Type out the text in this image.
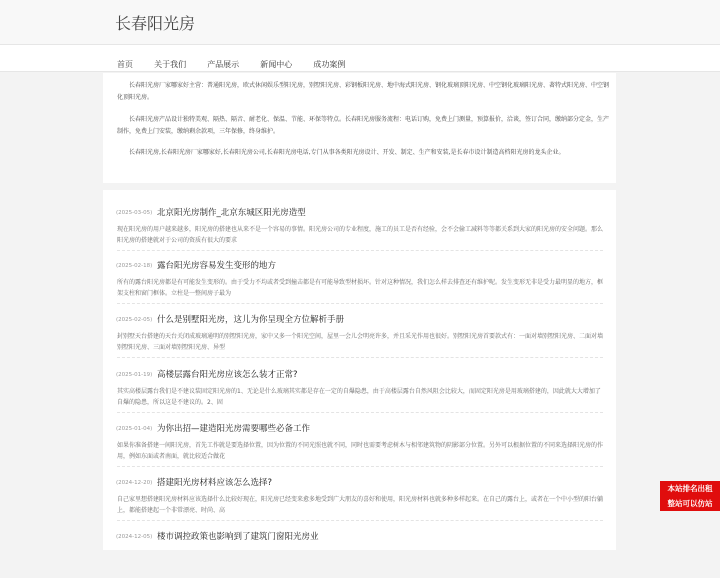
长春阳光房
首页	关于我们	产品展示	新闻中心	成功案例

长春阳光房厂家哪家好主营：普通阳光房，欧式休闲娱乐型阳光房，别墅阳光房、彩钢板阳光房、地中海式阳光房、钢化玻璃顶阳光房、中空钢化玻璃阳光房、著特式阳光房、中空钢化顶阳光房。

长春阳光房产品设计独特美观、隔热、隔音、耐老化、保温、节能、环保等特点。长春阳光房服务流程：电话订购，免费上门测量，预算报价，洽谈，签订合同，缴纳部分定金，生产制作，免费上门安装，缴纳剩余款项，三年保修，终身维护。

长春阳光房,长春阳光房厂家哪家好,长春阳光房公司,长春阳光房电话,专门从事各类阳光房设计、开发、制定、生产和安装,是长春市设计制造高档阳光房的龙头企业。

(2025-03-05) 北京阳光房制作_北京东城区阳光房造型
现在阳光房的用户越来越多，阳光房的搭建也从来不是一个容易的事情。阳光房公司的专业程度，施工的员工是否有经验，会不会偷工减料等等都关系到大家的阳光房的安全问题。那么阳光房的搭建就对于公司的资质有很大的要求
(2025-02-18) 露台阳光房容易发生变形的地方
所有的露台阳光房都是有可能发生变形的。由于受力不均或者受到撞击都是有可能导致型材损坏。针对这种情况，我们怎么样去排查还有维护呢。发生变形无非是受力最明显的地方，框架支柱和窗门框体。立柱是一整间房子最为
(2025-02-05) 什么是别墅阳光房，这儿为你呈现全方位解析手册
封别墅天台搭建的天台关闭成玻璃通明的别墅阳光房，家中又多一个阳光空间，屋里一会儿会明亮许多，并且采光作用也很好。别墅阳光房首要款式有：一面对墙别墅阳光房、二面对墙别墅阳光房、三面对墙别墅阳光房、异型
(2025-01-19) 高楼层露台阳光房应该怎么装才正常?
其实高楼层露台我们是不建议装固定阳光房的1、无论是什么玻璃其实都是存在一定的自爆隐患，由于高楼层露台自然风阻会比较大，而固定阳光房是用玻璃搭建的，因此就大大增加了自爆的隐患，所以这是不建议的。2、固
(2025-01-04) 为你出招—建造阳光房需要哪些必备工作
如果你准备搭建一间阳光房，首先工作就是要选择位置，因为位置的不同光照也就不同，同时也需要考虑树木与相邻建筑物的阴影部分位置。另外可以根据位置的不同来选择阳光房的作用，例如东面或者南面，就比较适合做花
(2024-12-20) 搭建阳光房材料应该怎么选择?
自己家里想搭建阳光房材料应该选择什么比较好现在，阳光房已经变来愈多地受到广大朋友的喜好和使用，阳光房材料也就多种多样起来。在自己的露台上，或者在一个中小型的阳台躺上，都能搭建起一个非常漂亮、时尚、高
(2024-12-05) 楼市调控政策也影响到了建筑门窗阳光房业
本站排名出租
整站可以仿站
